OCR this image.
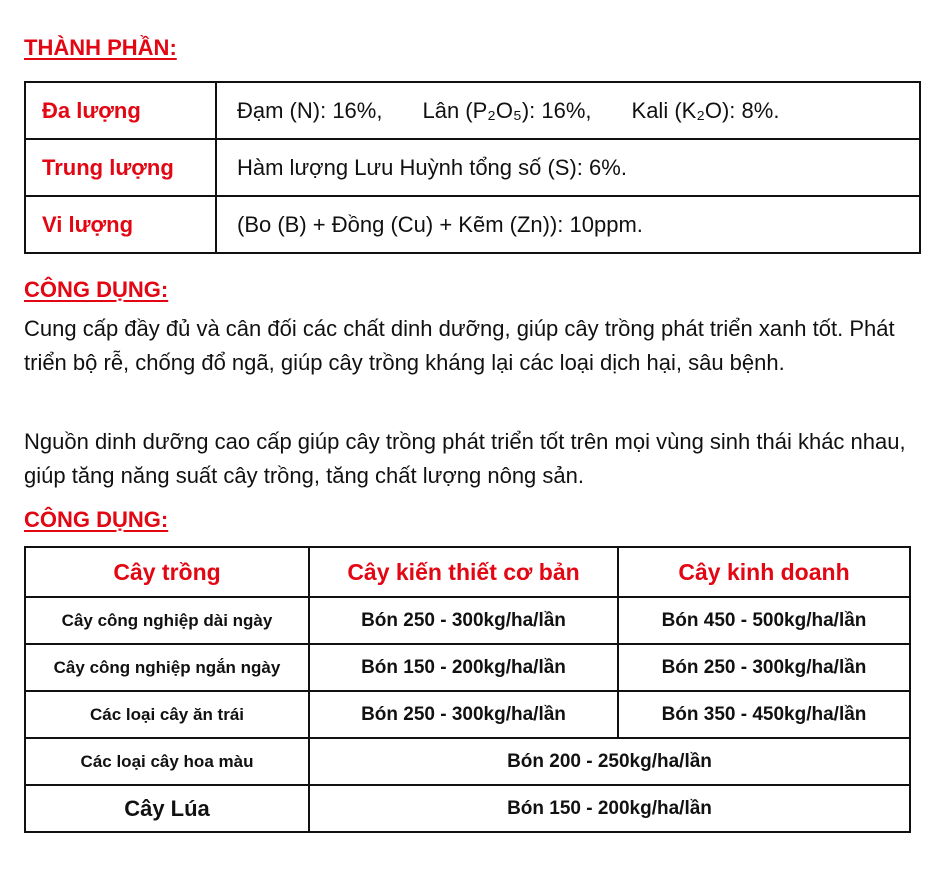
THÀNH PHẦN:
Đa lượng	Đạm (N): 16%, Lân (P₂O₅): 16%, Kali (K₂O): 8%.
Trung lượng	Hàm lượng Lưu Huỳnh tổng số (S): 6%.
Vi lượng	(Bo (B) + Đồng (Cu) + Kẽm (Zn)): 10ppm.
CÔNG DỤNG:

Cung cấp đầy đủ và cân đối các chất dinh dưỡng, giúp cây trồng phát triển xanh tốt. Phát triển bộ rễ, chống đổ ngã, giúp cây trồng kháng lại các loại dịch hại, sâu bệnh.

Nguồn dinh dưỡng cao cấp giúp cây trồng phát triển tốt trên mọi vùng sinh thái khác nhau, giúp tăng năng suất cây trồng, tăng chất lượng nông sản.

CÔNG DỤNG:
Cây trồng	Cây kiến thiết cơ bản	Cây kinh doanh
Cây công nghiệp dài ngày	Bón 250 - 300kg/ha/lần	Bón 450 - 500kg/ha/lần
Cây công nghiệp ngắn ngày	Bón 150 - 200kg/ha/lần	Bón 250 - 300kg/ha/lần
Các loại cây ăn trái	Bón 250 - 300kg/ha/lần	Bón 350 - 450kg/ha/lần
Các loại cây hoa màu	Bón 200 - 250kg/ha/lần	
Cây Lúa	Bón 150 - 200kg/ha/lần	
